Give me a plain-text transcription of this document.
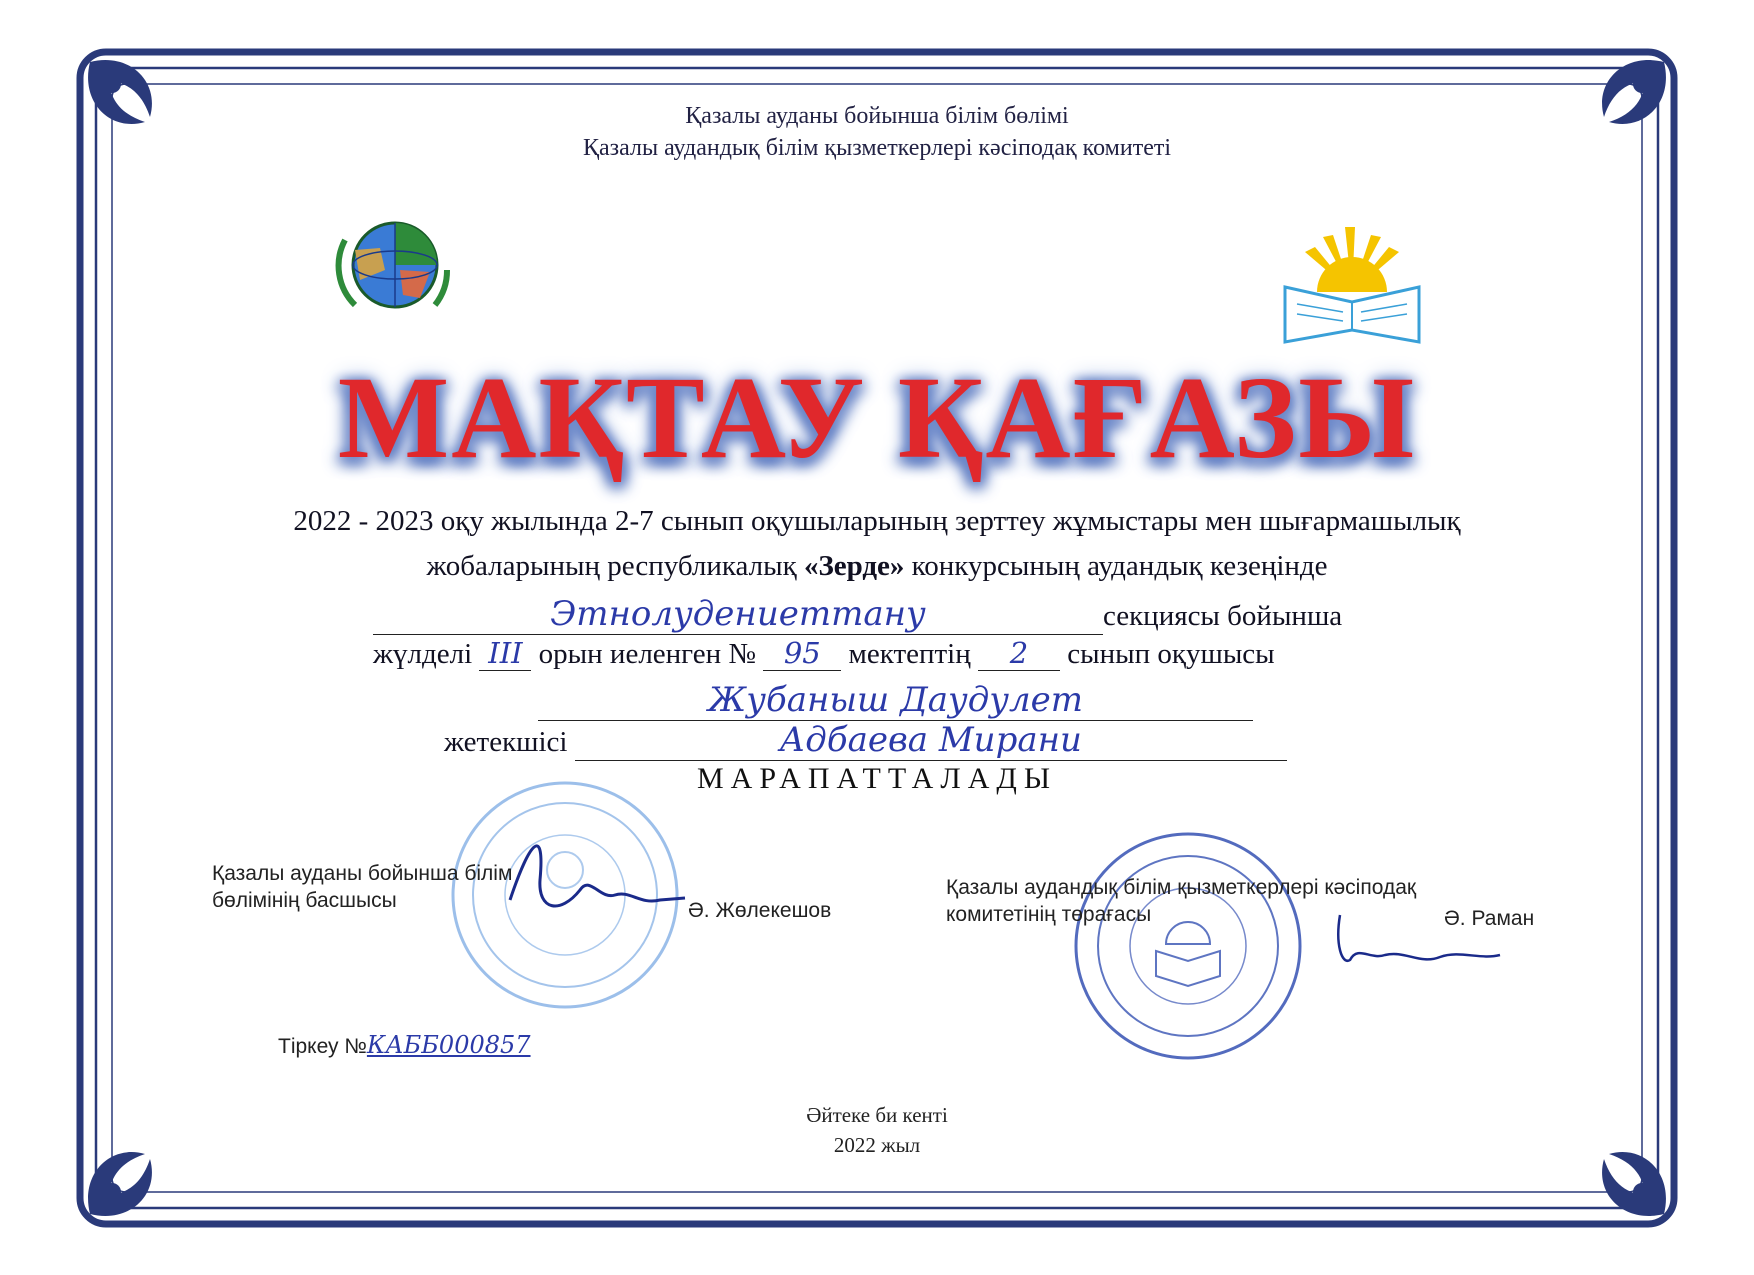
Қазалы ауданы бойынша білім бөлімі
Қазалы аудандық білім қызметкерлері кәсіподақ комитеті
МАҚТАУ ҚАҒАЗЫ
2022 - 2023 оқу жылында 2-7 сынып оқушыларының зерттеу жұмыстары мен шығармашылық
жобаларының республикалық «Зерде» конкурсының аудандық кезеңінде
Этнолудениеттану	секциясы бойынша
жүлделі III орын иеленген № 95 мектептің 2 сынып оқушысы
Жубаныш Даудулет
жетекшісі	Адбаева Мирани
МАРАПАТТАЛАДЫ
Қазалы ауданы бойынша білім
бөлімінің басшысы	Ә. Жөлекешов
Қазалы аудандық білім қызметкерлері кәсіподақ
комитетінің төрағасы	Ә. Раман
Тіркеу №КАББ000857
Әйтеке би кенті
2022 жыл
